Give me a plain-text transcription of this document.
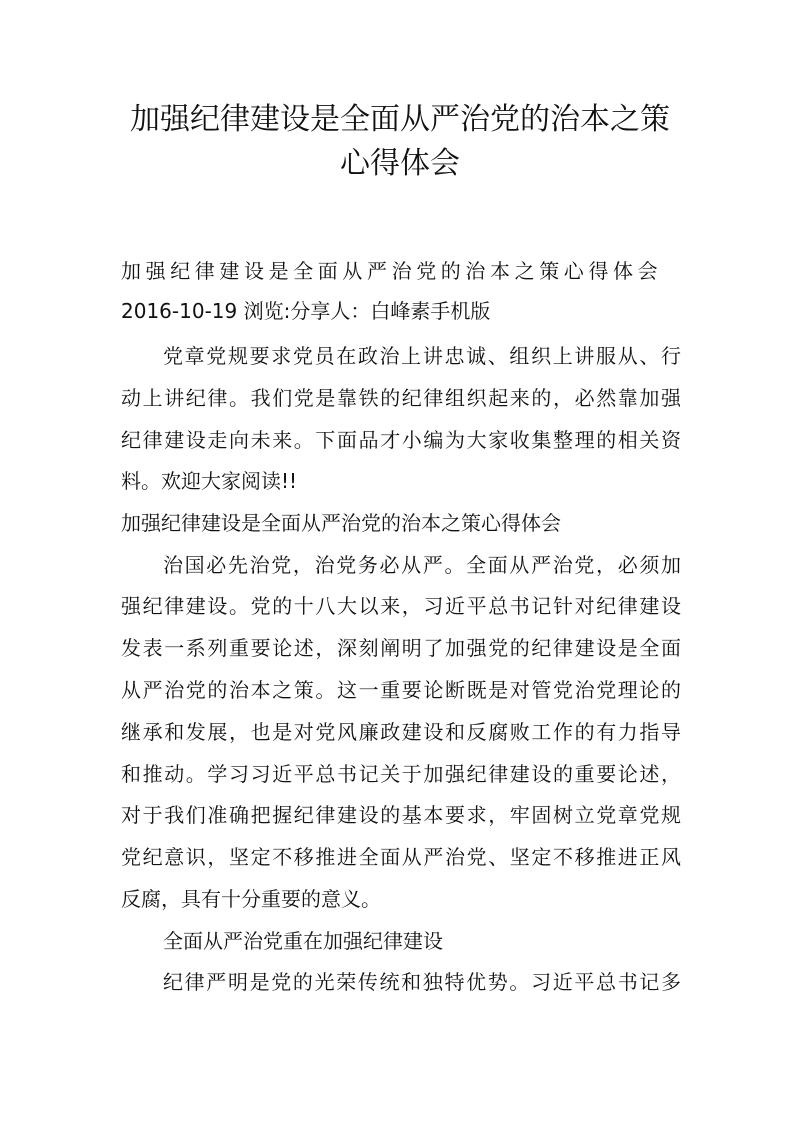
加强纪律建设是全面从严治党的治本之策
心得体会
加强纪律建设是全面从严治党的治本之策心得体会
2016-10-19 浏览:分享人：白峰素手机版
党章党规要求党员在政治上讲忠诚、组织上讲服从、行
动上讲纪律。我们党是靠铁的纪律组织起来的，必然靠加强
纪律建设走向未来。下面品才小编为大家收集整理的相关资
料。欢迎大家阅读!!
加强纪律建设是全面从严治党的治本之策心得体会
治国必先治党，治党务必从严。全面从严治党，必须加
强纪律建设。党的十八大以来，习近平总书记针对纪律建设
发表一系列重要论述，深刻阐明了加强党的纪律建设是全面
从严治党的治本之策。这一重要论断既是对管党治党理论的
继承和发展，也是对党风廉政建设和反腐败工作的有力指导
和推动。学习习近平总书记关于加强纪律建设的重要论述，
对于我们准确把握纪律建设的基本要求，牢固树立党章党规
党纪意识，坚定不移推进全面从严治党、坚定不移推进正风
反腐，具有十分重要的意义。
全面从严治党重在加强纪律建设
纪律严明是党的光荣传统和独特优势。习近平总书记多
